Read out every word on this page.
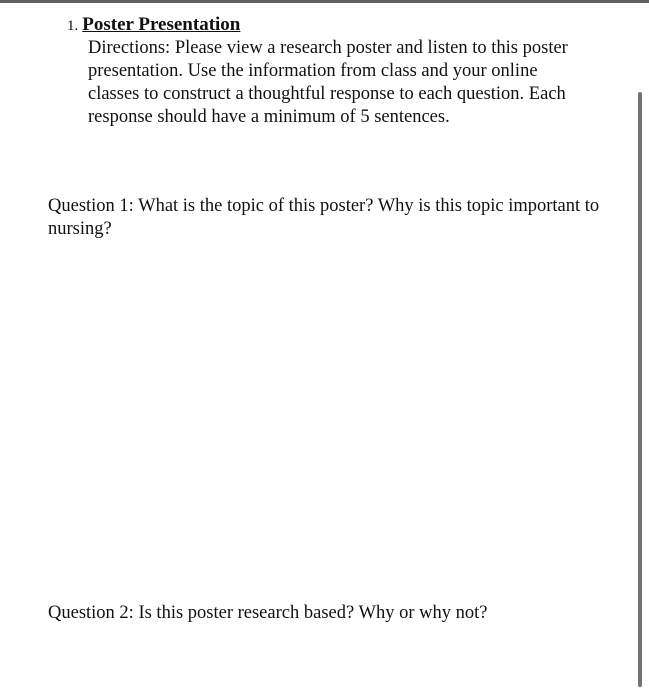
1. Poster Presentation

Directions: Please view a research poster and listen to this poster presentation. Use the information from class and your online classes to construct a thoughtful response to each question. Each response should have a minimum of 5 sentences.

Question 1: What is the topic of this poster? Why is this topic important to nursing?

Question 2: Is this poster research based? Why or why not?
